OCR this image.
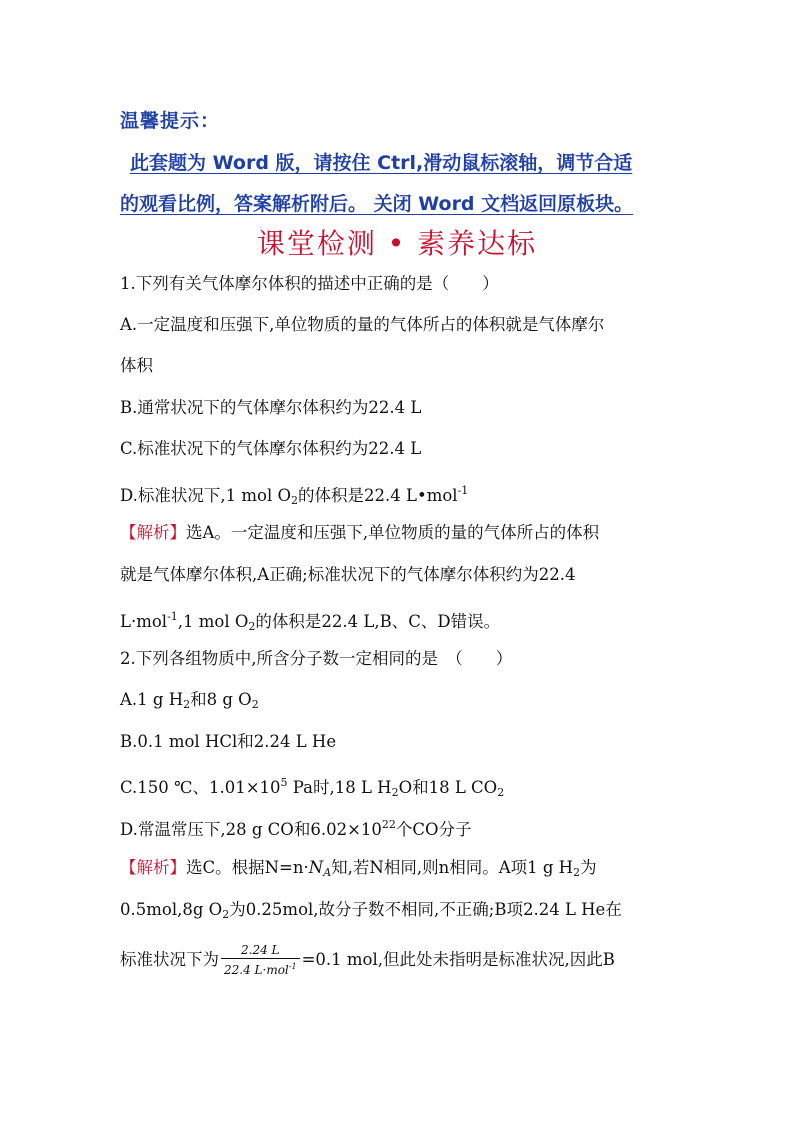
温馨提示：
此套题为 Word 版，请按住 Ctrl,滑动鼠标滚轴，调节合适
的观看比例，答案解析附后。 关闭 Word 文档返回原板块。
课堂检测 • 素养达标
1.下列有关气体摩尔体积的描述中正确的是（　　）
A.一定温度和压强下,单位物质的量的气体所占的体积就是气体摩尔
体积
B.通常状况下的气体摩尔体积约为22.4 L
C.标准状况下的气体摩尔体积约为22.4 L
D.标准状况下,1 mol $O_2$的体积是22.4 L•mol$^{-1}$
【解析】选A。一定温度和压强下,单位物质的量的气体所占的体积
就是气体摩尔体积,A正确;标准状况下的气体摩尔体积约为22.4
L·mol$^{-1}$,1 mol $O_2$的体积是22.4 L,B、C、D错误。
2.下列各组物质中,所含分子数一定相同的是　（　　）
A.1 g $H_2$和8 g $O_2$
B.0.1 mol HCl和2.24 L He
C.150 ℃、$1.01\times 10^5$ Pa时,18 L $H_2O$和18 L $CO_2$
D.常温常压下,28 g CO和$6.02\times 10^{22}$个CO分子
【解析】选C。根据$N=n\cdot N_A$知,若N相同,则n相同。A项1 g $H_2$为
0.5mol,8g $O_2$为0.25mol,故分子数不相同,不正确;B项2.24 L He在
标准状况下为 $\frac{2.24 L}{22.4 L\cdot mol^{-1}} =0.1$ mol,但此处未指明是标准状况,因此B
